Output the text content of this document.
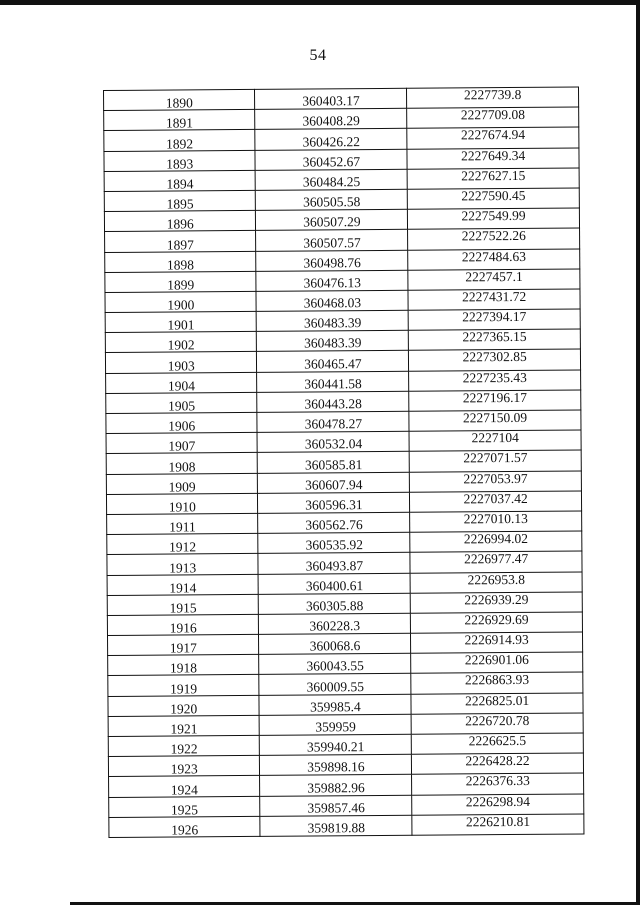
54
1890	360403.17	2227739.8
1891	360408.29	2227709.08
1892	360426.22	2227674.94
1893	360452.67	2227649.34
1894	360484.25	2227627.15
1895	360505.58	2227590.45
1896	360507.29	2227549.99
1897	360507.57	2227522.26
1898	360498.76	2227484.63
1899	360476.13	2227457.1
1900	360468.03	2227431.72
1901	360483.39	2227394.17
1902	360483.39	2227365.15
1903	360465.47	2227302.85
1904	360441.58	2227235.43
1905	360443.28	2227196.17
1906	360478.27	2227150.09
1907	360532.04	2227104
1908	360585.81	2227071.57
1909	360607.94	2227053.97
1910	360596.31	2227037.42
1911	360562.76	2227010.13
1912	360535.92	2226994.02
1913	360493.87	2226977.47
1914	360400.61	2226953.8
1915	360305.88	2226939.29
1916	360228.3	2226929.69
1917	360068.6	2226914.93
1918	360043.55	2226901.06
1919	360009.55	2226863.93
1920	359985.4	2226825.01
1921	359959	2226720.78
1922	359940.21	2226625.5
1923	359898.16	2226428.22
1924	359882.96	2226376.33
1925	359857.46	2226298.94
1926	359819.88	2226210.81
